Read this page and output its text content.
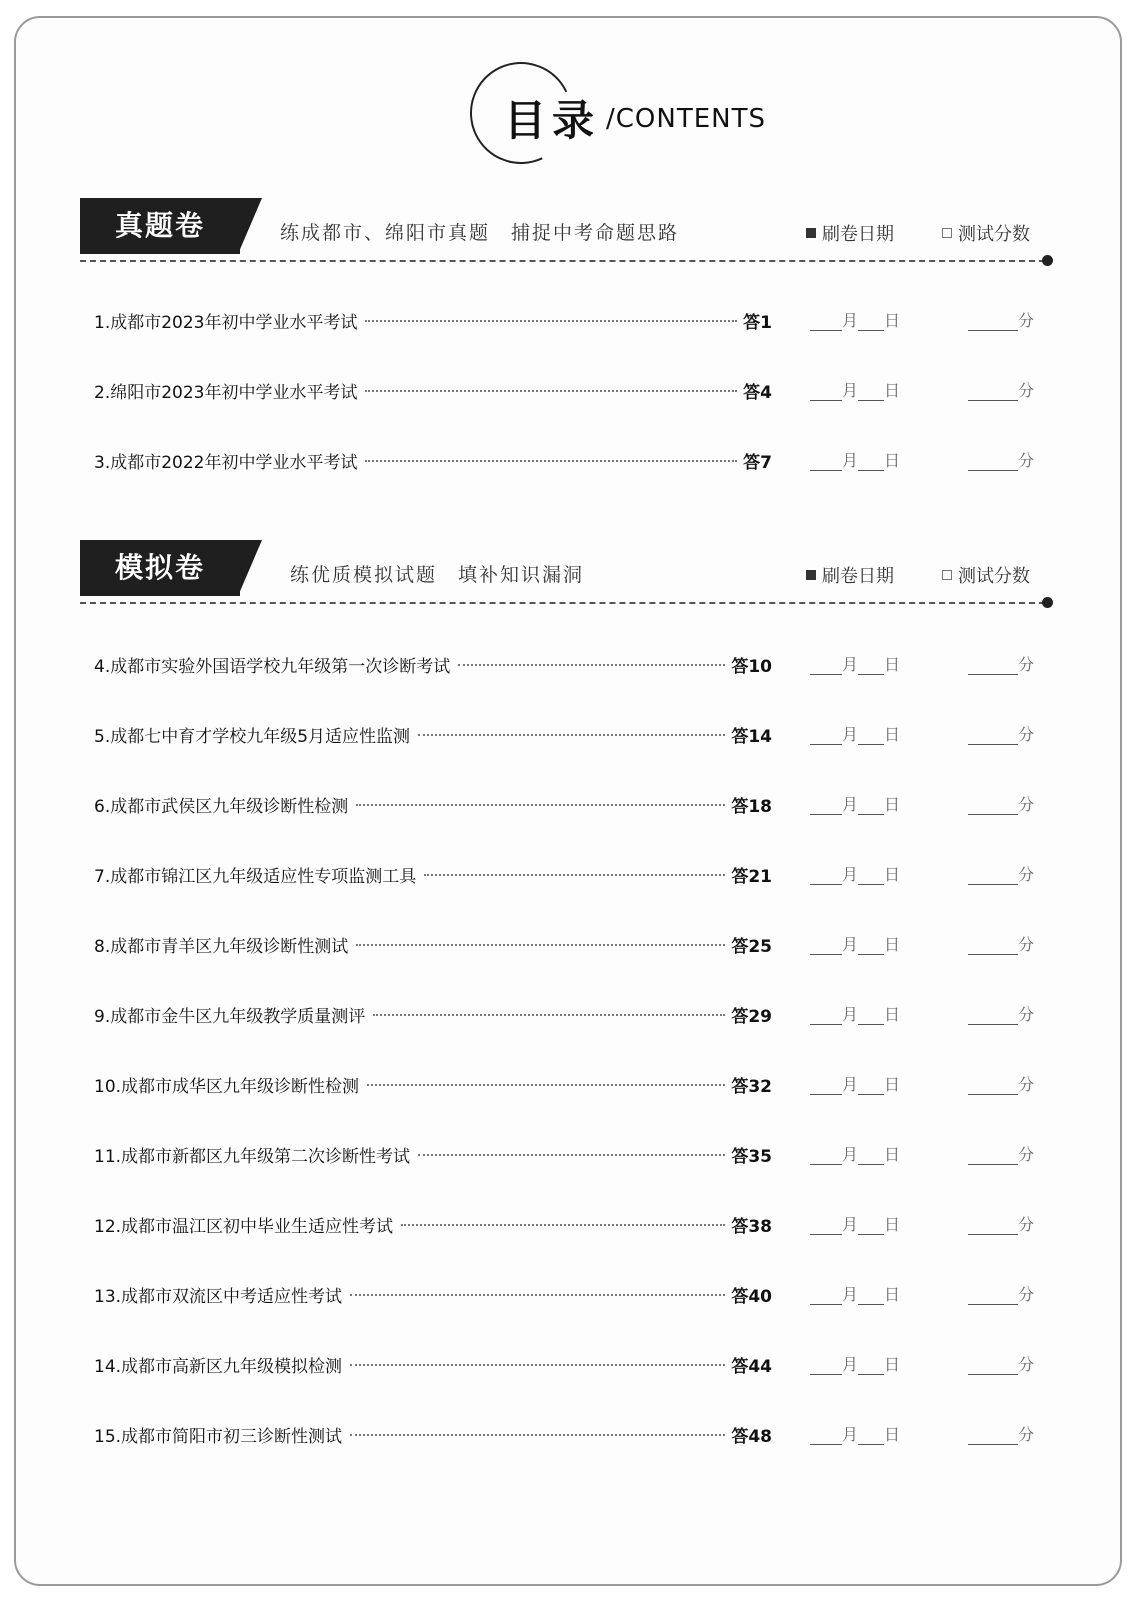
目录 /CONTENTS
真题卷	练成都市、绵阳市真题　捕捉中考命题思路	刷卷日期	测试分数
模拟卷	练优质模拟试题　填补知识漏洞	刷卷日期	测试分数
1.成都市2023年初中学业水平考试	答1	月 日	分
2.绵阳市2023年初中学业水平考试	答4	月 日	分
3.成都市2022年初中学业水平考试	答7	月 日	分
4.成都市实验外国语学校九年级第一次诊断考试	答10	月 日	分
5.成都七中育才学校九年级5月适应性监测	答14	月 日	分
6.成都市武侯区九年级诊断性检测	答18	月 日	分
7.成都市锦江区九年级适应性专项监测工具	答21	月 日	分
8.成都市青羊区九年级诊断性测试	答25	月 日	分
9.成都市金牛区九年级教学质量测评	答29	月 日	分
10.成都市成华区九年级诊断性检测	答32	月 日	分
11.成都市新都区九年级第二次诊断性考试	答35	月 日	分
12.成都市温江区初中毕业生适应性考试	答38	月 日	分
13.成都市双流区中考适应性考试	答40	月 日	分
14.成都市高新区九年级模拟检测	答44	月 日	分
15.成都市简阳市初三诊断性测试	答48	月 日	分
